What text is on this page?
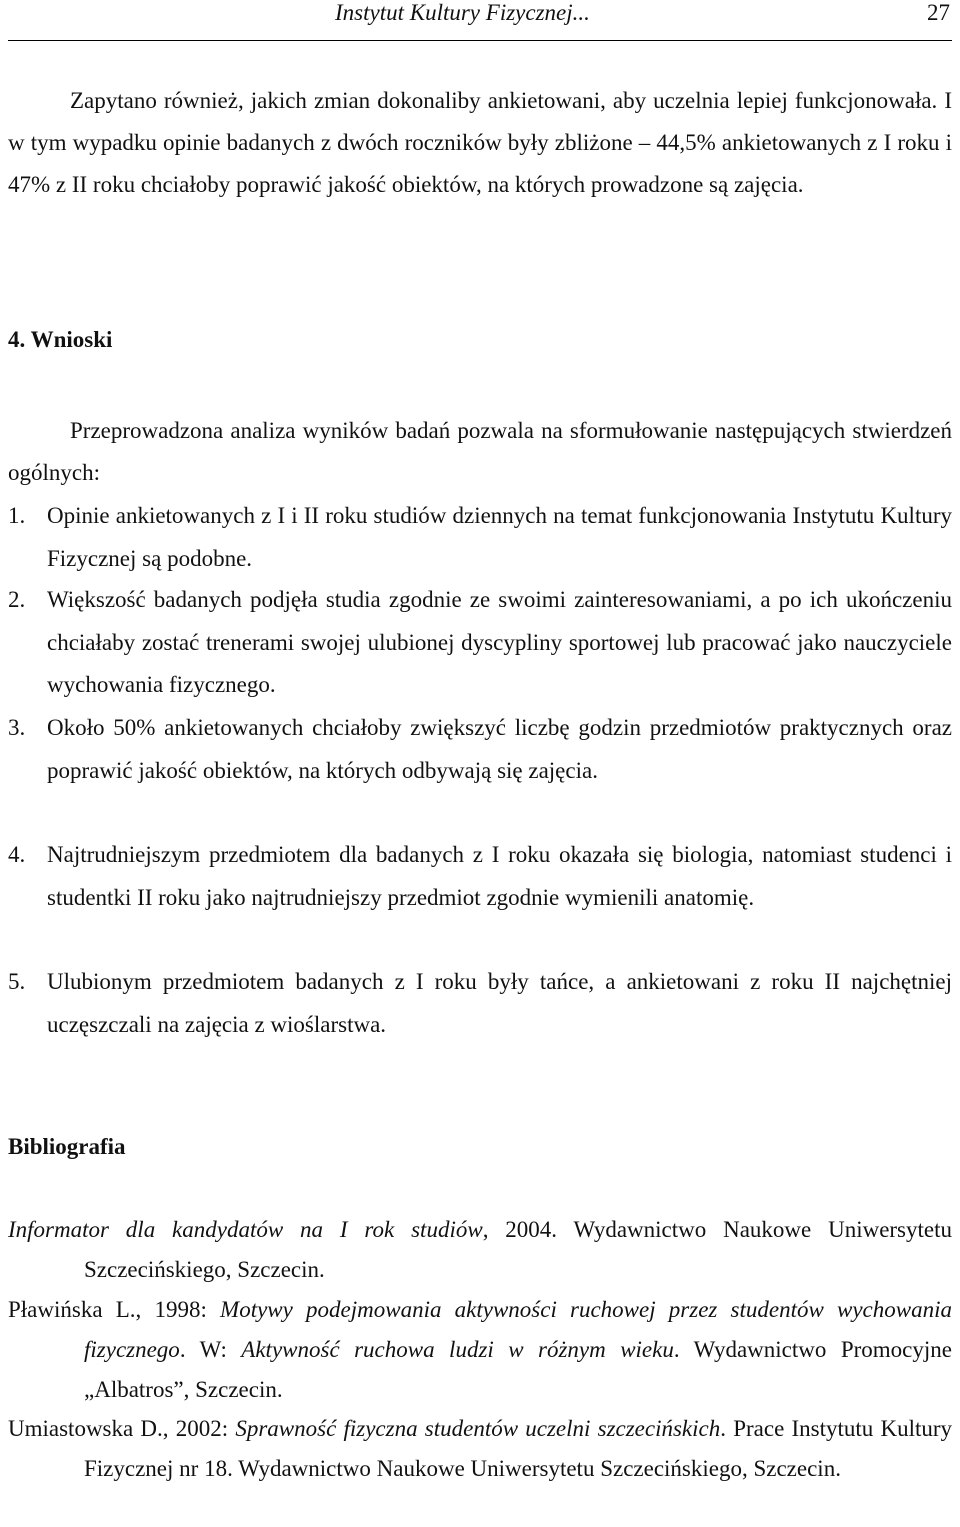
Instytut Kultury Fizycznej...	27
Zapytano również, jakich zmian dokonaliby ankietowani, aby uczelnia lepiej funkcjonowała. I w tym wypadku opinie badanych z dwóch roczników były zbliżone – 44,5% ankietowanych z I roku i 47% z II roku chciałoby poprawić jakość obiektów, na których prowadzone są zajęcia.
4. Wnioski
Przeprowadzona analiza wyników badań pozwala na sformułowanie następujących stwierdzeń ogólnych:
1. Opinie ankietowanych z I i II roku studiów dziennych na temat funkcjonowania Instytutu Kultury Fizycznej są podobne.
2. Większość badanych podjęła studia zgodnie ze swoimi zainteresowaniami, a po ich ukończeniu chciałaby zostać trenerami swojej ulubionej dyscypliny sportowej lub pracować jako nauczyciele wychowania fizycznego.
3. Około 50% ankietowanych chciałoby zwiększyć liczbę godzin przedmiotów praktycznych oraz poprawić jakość obiektów, na których odbywają się zajęcia.
4. Najtrudniejszym przedmiotem dla badanych z I roku okazała się biologia, natomiast studenci i studentki II roku jako najtrudniejszy przedmiot zgodnie wymienili anatomię.
5. Ulubionym przedmiotem badanych z I roku były tańce, a ankietowani z roku II najchętniej uczęszczali na zajęcia z wioślarstwa.
Bibliografia
Informator dla kandydatów na I rok studiów, 2004. Wydawnictwo Naukowe Uniwersytetu Szczecińskiego, Szczecin.
Pławińska L., 1998: Motywy podejmowania aktywności ruchowej przez studentów wychowania fizycznego. W: Aktywność ruchowa ludzi w różnym wieku. Wydawnictwo Promocyjne „Albatros”, Szczecin.
Umiastowska D., 2002: Sprawność fizyczna studentów uczelni szczecińskich. Prace Instytutu Kultury Fizycznej nr 18. Wydawnictwo Naukowe Uniwersytetu Szczecińskiego, Szczecin.
